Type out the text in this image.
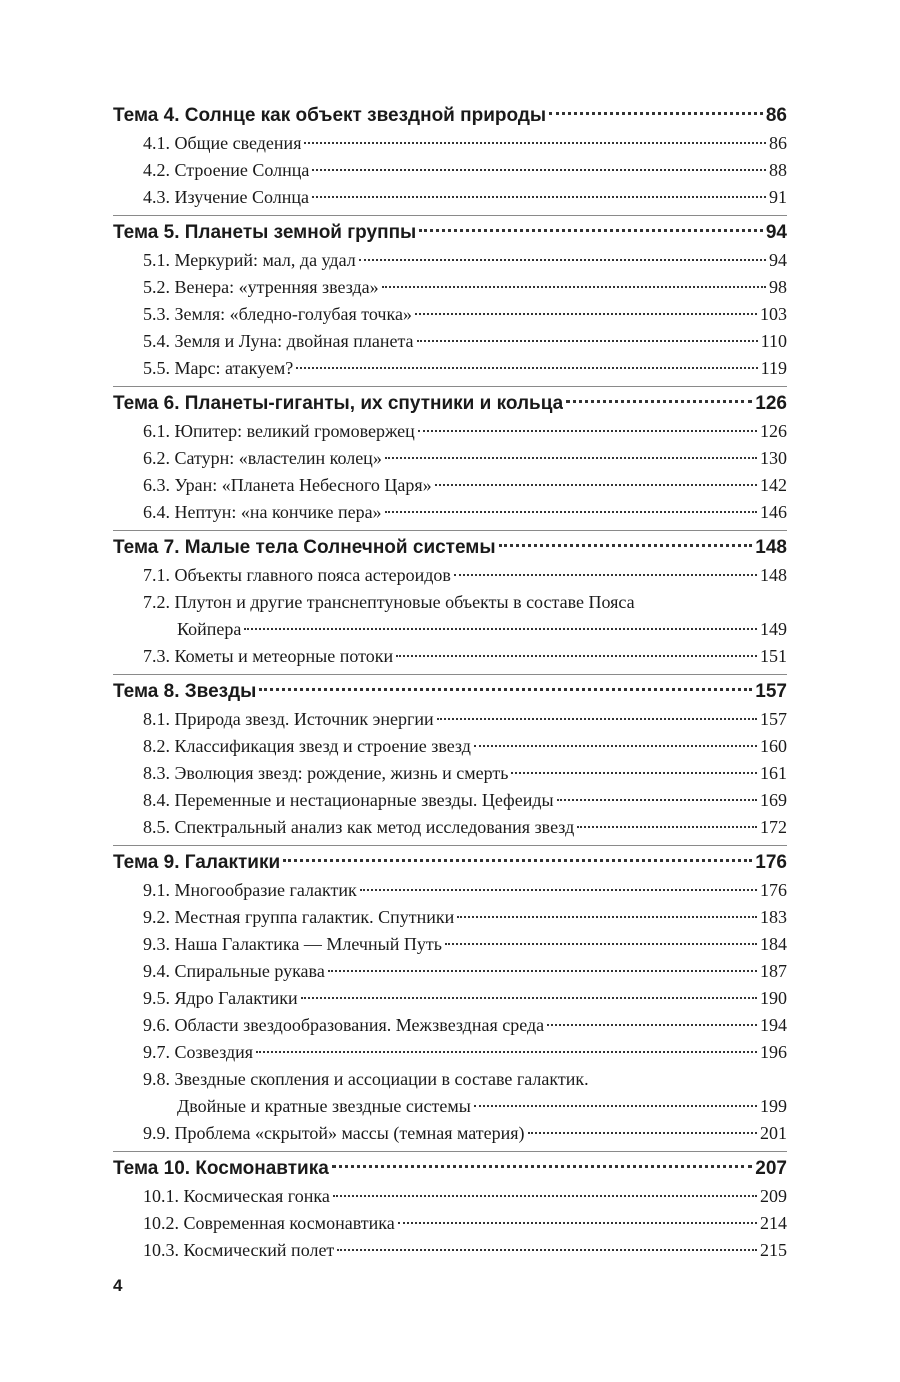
Тема 4. Солнце как объект звездной природы	86
4.1. Общие сведения	86
4.2. Строение Солнца	88
4.3. Изучение Солнца	91
Тема 5. Планеты земной группы	94
5.1. Меркурий: мал, да удал	94
5.2. Венера: «утренняя звезда»	98
5.3. Земля: «бледно-голубая точка»	103
5.4. Земля и Луна: двойная планета	110
5.5. Марс: атакуем?	119
Тема 6. Планеты-гиганты, их спутники и кольца	126
6.1. Юпитер: великий громовержец	126
6.2. Сатурн: «властелин колец»	130
6.3. Уран: «Планета Небесного Царя»	142
6.4. Нептун: «на кончике пера»	146
Тема 7. Малые тела Солнечной системы	148
7.1. Объекты главного пояса астероидов	148
7.2. Плутон и другие транснептуновые объекты в составе Пояса
Койпера	149
7.3. Кометы и метеорные потоки	151
Тема 8. Звезды	157
8.1. Природа звезд. Источник энергии	157
8.2. Классификация звезд и строение звезд	160
8.3. Эволюция звезд: рождение, жизнь и смерть	161
8.4. Переменные и нестационарные звезды. Цефеиды	169
8.5. Спектральный анализ как метод исследования звезд	172
Тема 9. Галактики	176
9.1. Многообразие галактик	176
9.2. Местная группа галактик. Спутники	183
9.3. Наша Галактика — Млечный Путь	184
9.4. Спиральные рукава	187
9.5. Ядро Галактики	190
9.6. Области звездообразования. Межзвездная среда	194
9.7. Созвездия	196
9.8. Звездные скопления и ассоциации в составе галактик.
Двойные и кратные звездные системы	199
9.9. Проблема «скрытой» массы (темная материя)	201
Тема 10. Космонавтика	207
10.1. Космическая гонка	209
10.2. Современная космонавтика	214
10.3. Космический полет	215
4
